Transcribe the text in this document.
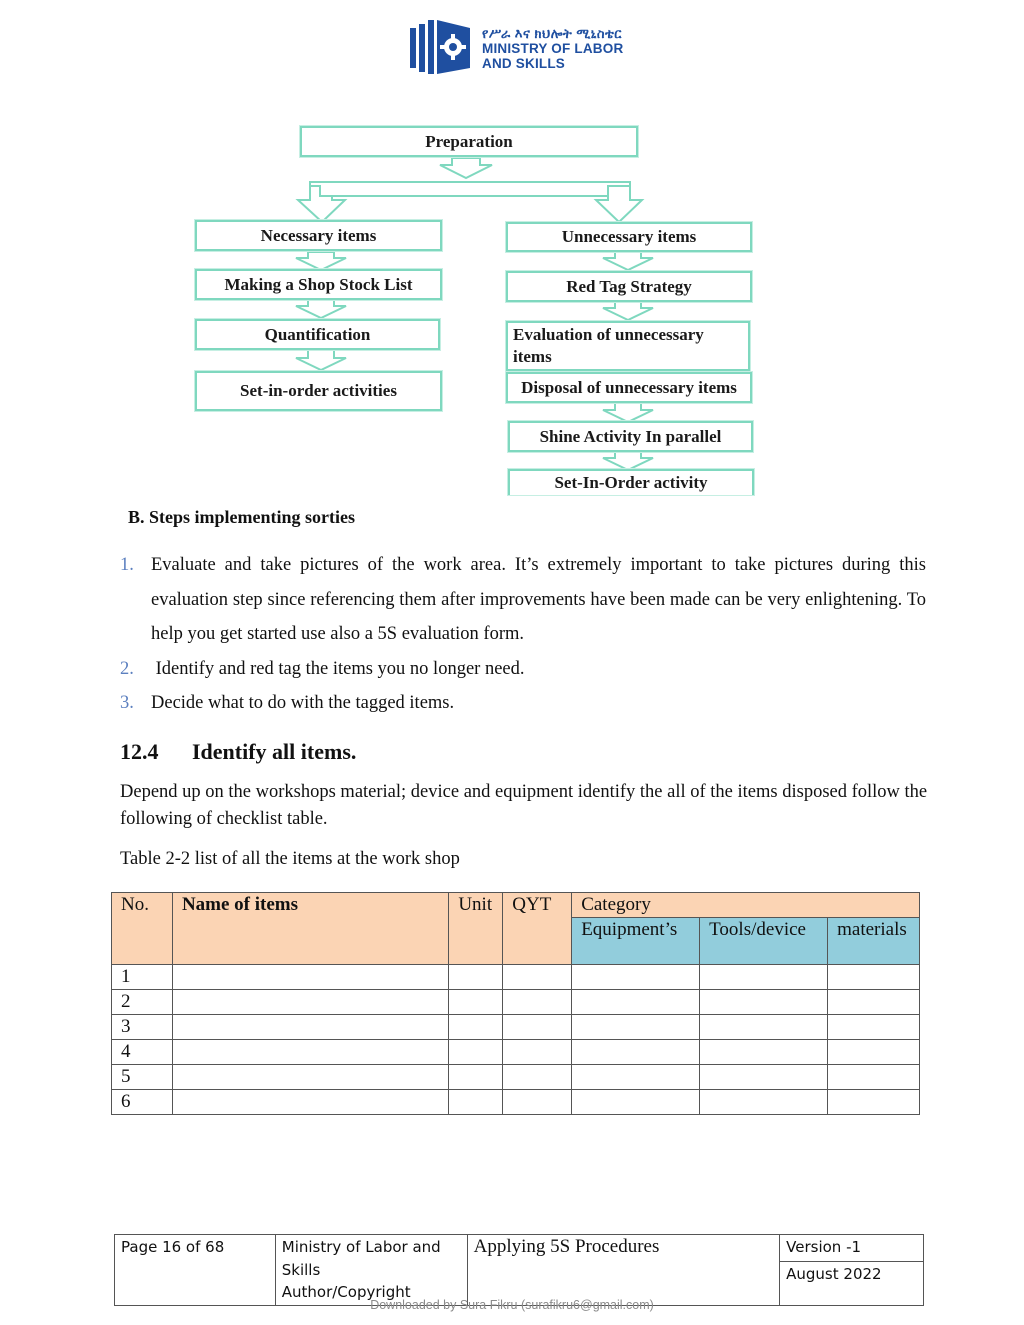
የሥራ እና ክህሎት ሚኒስቴር
MINISTRY OF LABOR
AND SKILLS
Preparation
Necessary items
Making a Shop Stock List
Quantification
Set-in-order activities
Unnecessary items
Red Tag Strategy
Evaluation of unnecessary items
Disposal of unnecessary items
Shine Activity In parallel
Set-In-Order activity
B. Steps implementing sorties
1. Evaluate and take pictures of the work area. It’s extremely important to take pictures during this evaluation step since referencing them after improvements have been made can be very enlightening. To help you get started use also a 5S evaluation form.
2. Identify and red tag the items you no longer need.
3. Decide what to do with the tagged items.
12.4 Identify all items.
Depend up on the workshops material; device and equipment identify the all of the items disposed follow the following of checklist table.
Table 2-2 list of all the items at the work shop
No.	Name of items	Unit	QYT	Category		
				Equipment’s	Tools/device	materials
1						
2						
3						
4						
5						
6						
Page 16 of 68	Ministry of Labor and
Skills
Author/Copyright
	Applying 5S Procedures	Version -1
August 2022
Downloaded by Sura Fikru (surafikru6@gmail.com)
